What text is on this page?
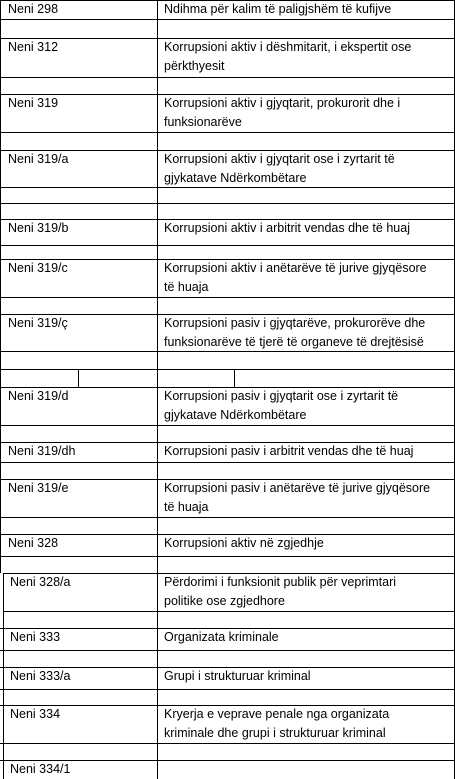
Neni 298	Ndihma për kalim të paligjshëm të kufijve
Neni 312	Korrupsioni aktiv i dëshmitarit, i ekspertit ose
përkthyesit
Neni 319	Korrupsioni aktiv i gjyqtarit, prokurorit dhe i
funksionarëve
Neni 319/a	Korrupsioni aktiv i gjyqtarit ose i zyrtarit të
gjykatave Ndërkombëtare
Neni 319/b	Korrupsioni aktiv i arbitrit vendas dhe të huaj
Neni 319/c	Korrupsioni aktiv i anëtarëve të jurive gjyqësore
të huaja
Neni 319/ç	Korrupsioni pasiv i gjyqtarëve, prokurorëve dhe
funksionarëve të tjerë të organeve të drejtësisë
Neni 319/d	Korrupsioni pasiv i gjyqtarit ose i zyrtarit të
gjykatave Ndërkombëtare
Neni 319/dh	Korrupsioni pasiv i arbitrit vendas dhe të huaj
Neni 319/e	Korrupsioni pasiv i anëtarëve të jurive gjyqësore
të huaja
Neni 328	Korrupsioni aktiv në zgjedhje
Neni 328/a	Përdorimi i funksionit publik për veprimtari
politike ose zgjedhore
Neni 333	Organizata kriminale
Neni 333/a	Grupi i strukturuar kriminal
Neni 334	Kryerja e veprave penale nga organizata
kriminale dhe grupi i strukturuar kriminal
Neni 334/1
